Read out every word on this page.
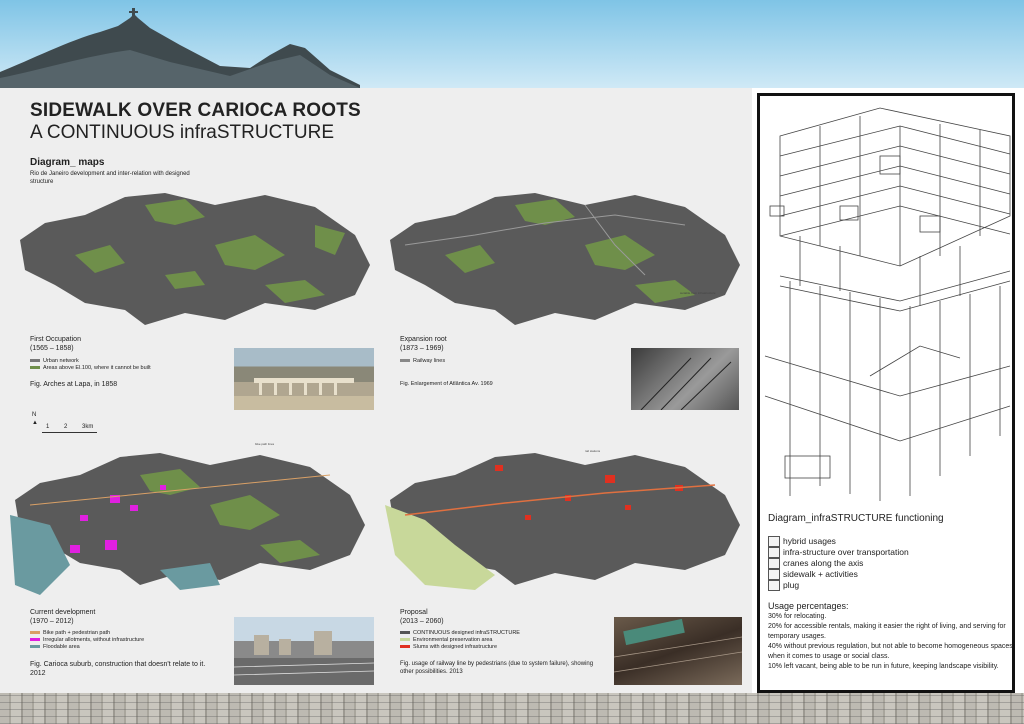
SIDEWALK OVER CARIOCA ROOTS
A CONTINUOUS infraSTRUCTURE
Diagram_ maps
Rio de Janeiro development and inter-relation with designed structure
suitable from infrastructure
bike path lines
rail stations
First Occupation
(1565 – 1858)
Urban network
Areas above El.100, where it cannot be built
Fig. Arches at Lapa, in 1858
Expansion root
(1873 – 1969)
Railway lines
Fig. Enlargement of Atlântica Av. 1969
N
▲
1 2 3km
Current development
(1970 – 2012)
Bike path + pedestrian path
Irregular allotments, without infrastructure
Floodable area
Fig. Carioca suburb, construction that doesn't relate to it. 2012
Proposal
(2013 – 2060)
CONTINUOUS designed infraSTRUCTURE
Environmental preservation area
Slums with designed infrastructure
Fig. usage of railway line by pedestrians (due to system failure), showing other possibilities. 2013
Diagram_infraSTRUCTURE functioning
hybrid usages
infra-structure over transportation
cranes along the axis
sidewalk + activities
plug
Usage percentages:
30% for relocating.
20% for accessible rentals, making it easier the right of living, and serving for temporary usages.
40% without previous regulation, but not able to become homogeneous spaces when it comes to usage or social class.
10% left vacant, being able to be run in future, keeping landscape visibility.
